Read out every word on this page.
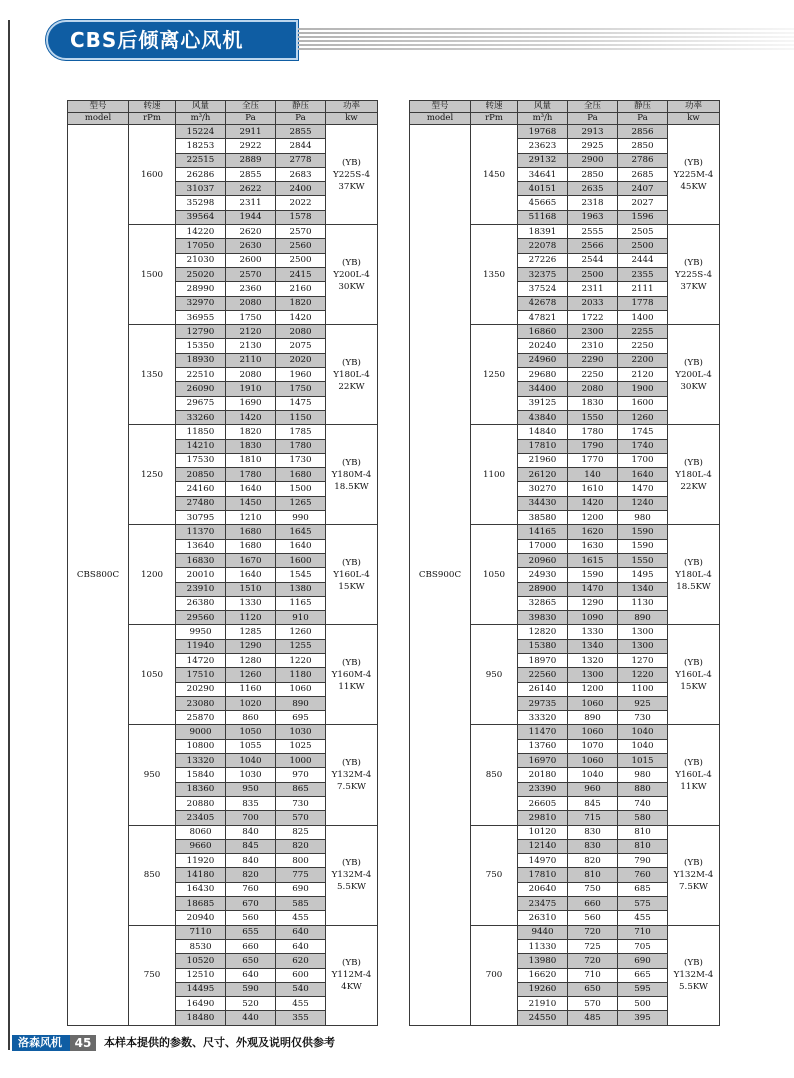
CBS后倾离心风机
型号	转速	风量	全压	静压	功率
model	rPm	m³/h	Pa	Pa	kw
CBS800C	1600	15224	2911	2855	(YB)
Y225S-4
37KW

		18253	2922	2844	
		22515	2889	2778	
		26286	2855	2683	
		31037	2622	2400	
		35298	2311	2022	
		39564	1944	1578	
	1500	14220	2620	2570	(YB)
Y200L-4
30KW

		17050	2630	2560	
		21030	2600	2500	
		25020	2570	2415	
		28990	2360	2160	
		32970	2080	1820	
		36955	1750	1420	
	1350	12790	2120	2080	(YB)
Y180L-4
22KW

		15350	2130	2075	
		18930	2110	2020	
		22510	2080	1960	
		26090	1910	1750	
		29675	1690	1475	
		33260	1420	1150	
	1250	11850	1820	1785	(YB)
Y180M-4
18.5KW

		14210	1830	1780	
		17530	1810	1730	
		20850	1780	1680	
		24160	1640	1500	
		27480	1450	1265	
		30795	1210	990	
	1200	11370	1680	1645	(YB)
Y160L-4
15KW

		13640	1680	1640	
		16830	1670	1600	
		20010	1640	1545	
		23910	1510	1380	
		26380	1330	1165	
		29560	1120	910	
	1050	9950	1285	1260	(YB)
Y160M-4
11KW

		11940	1290	1255	
		14720	1280	1220	
		17510	1260	1180	
		20290	1160	1060	
		23080	1020	890	
		25870	860	695	
	950	9000	1050	1030	(YB)
Y132M-4
7.5KW

		10800	1055	1025	
		13320	1040	1000	
		15840	1030	970	
		18360	950	865	
		20880	835	730	
		23405	700	570	
	850	8060	840	825	(YB)
Y132M-4
5.5KW

		9660	845	820	
		11920	840	800	
		14180	820	775	
		16430	760	690	
		18685	670	585	
		20940	560	455	
	750	7110	655	640	(YB)
Y112M-4
4KW

		8530	660	640	
		10520	650	620	
		12510	640	600	
		14495	590	540	
		16490	520	455	
		18480	440	355	
型号	转速	风量	全压	静压	功率
model	rPm	m³/h	Pa	Pa	kw
CBS900C	1450	19768	2913	2856	(YB)
Y225M-4
45KW

		23623	2925	2850	
		29132	2900	2786	
		34641	2850	2685	
		40151	2635	2407	
		45665	2318	2027	
		51168	1963	1596	
	1350	18391	2555	2505	(YB)
Y225S-4
37KW

		22078	2566	2500	
		27226	2544	2444	
		32375	2500	2355	
		37524	2311	2111	
		42678	2033	1778	
		47821	1722	1400	
	1250	16860	2300	2255	(YB)
Y200L-4
30KW

		20240	2310	2250	
		24960	2290	2200	
		29680	2250	2120	
		34400	2080	1900	
		39125	1830	1600	
		43840	1550	1260	
	1100	14840	1780	1745	(YB)
Y180L-4
22KW

		17810	1790	1740	
		21960	1770	1700	
		26120	140	1640	
		30270	1610	1470	
		34430	1420	1240	
		38580	1200	980	
	1050	14165	1620	1590	(YB)
Y180L-4
18.5KW

		17000	1630	1590	
		20960	1615	1550	
		24930	1590	1495	
		28900	1470	1340	
		32865	1290	1130	
		39830	1090	890	
	950	12820	1330	1300	(YB)
Y160L-4
15KW

		15380	1340	1300	
		18970	1320	1270	
		22560	1300	1220	
		26140	1200	1100	
		29735	1060	925	
		33320	890	730	
	850	11470	1060	1040	(YB)
Y160L-4
11KW

		13760	1070	1040	
		16970	1060	1015	
		20180	1040	980	
		23390	960	880	
		26605	845	740	
		29810	715	580	
	750	10120	830	810	(YB)
Y132M-4
7.5KW

		12140	830	810	
		14970	820	790	
		17810	810	760	
		20640	750	685	
		23475	660	575	
		26310	560	455	
	700	9440	720	710	(YB)
Y132M-4
5.5KW

		11330	725	705	
		13980	720	690	
		16620	710	665	
		19260	650	595	
		21910	570	500	
		24550	485	395	
洛森风机	45	本样本提供的参数、尺寸、外观及说明仅供参考
